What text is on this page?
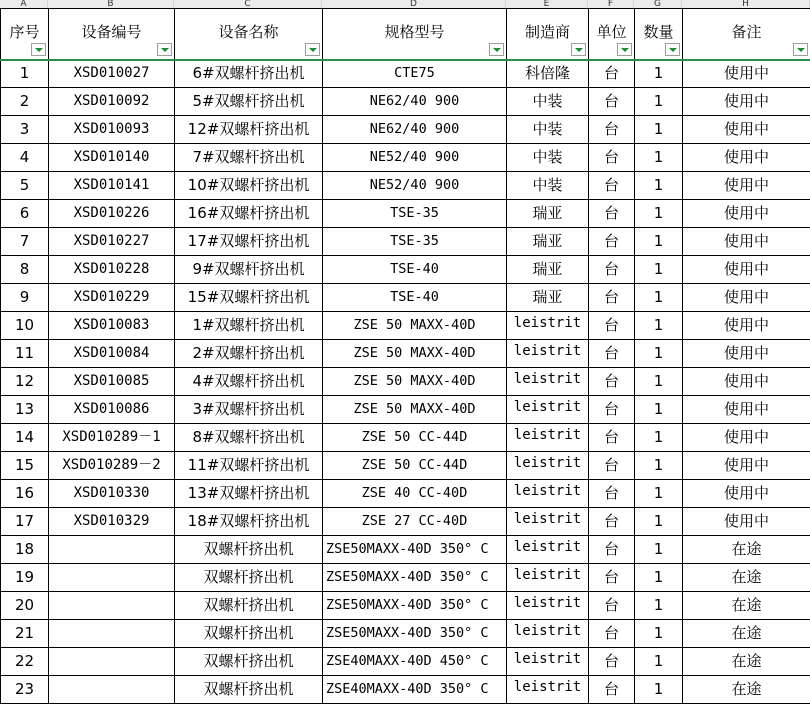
A	B	C	D	E	F	G	H
序号	设备编号	设备名称	规格型号	制造商	单位	数量	备注

1	XSD010027	6#双螺杆挤出机	CTE75	科倍隆	台	1	使用中
2	XSD010092	5#双螺杆挤出机	NE62/40 900	中装	台	1	使用中
3	XSD010093	12#双螺杆挤出机	NE62/40 900	中装	台	1	使用中
4	XSD010140	7#双螺杆挤出机	NE52/40 900	中装	台	1	使用中
5	XSD010141	10#双螺杆挤出机	NE52/40 900	中装	台	1	使用中
6	XSD010226	16#双螺杆挤出机	TSE-35	瑞亚	台	1	使用中
7	XSD010227	17#双螺杆挤出机	TSE-35	瑞亚	台	1	使用中
8	XSD010228	9#双螺杆挤出机	TSE-40	瑞亚	台	1	使用中
9	XSD010229	15#双螺杆挤出机	TSE-40	瑞亚	台	1	使用中
10	XSD010083	1#双螺杆挤出机	ZSE 50 MAXX-40D	leistrit	台	1	使用中
11	XSD010084	2#双螺杆挤出机	ZSE 50 MAXX-40D	leistrit	台	1	使用中
12	XSD010085	4#双螺杆挤出机	ZSE 50 MAXX-40D	leistrit	台	1	使用中
13	XSD010086	3#双螺杆挤出机	ZSE 50 MAXX-40D	leistrit	台	1	使用中
14	XSD010289－1	8#双螺杆挤出机	ZSE 50 CC-44D	leistrit	台	1	使用中
15	XSD010289－2	11#双螺杆挤出机	ZSE 50 CC-44D	leistrit	台	1	使用中
16	XSD010330	13#双螺杆挤出机	ZSE 40 CC-40D	leistrit	台	1	使用中
17	XSD010329	18#双螺杆挤出机	ZSE 27 CC-40D	leistrit	台	1	使用中
18		双螺杆挤出机	ZSE50MAXX-40D 350° C	leistrit	台	1	在途
19		双螺杆挤出机	ZSE50MAXX-40D 350° C	leistrit	台	1	在途
20		双螺杆挤出机	ZSE50MAXX-40D 350° C	leistrit	台	1	在途
21		双螺杆挤出机	ZSE50MAXX-40D 350° C	leistrit	台	1	在途
22		双螺杆挤出机	ZSE40MAXX-40D 450° C	leistrit	台	1	在途
23		双螺杆挤出机	ZSE40MAXX-40D 350° C	leistrit	台	1	在途
